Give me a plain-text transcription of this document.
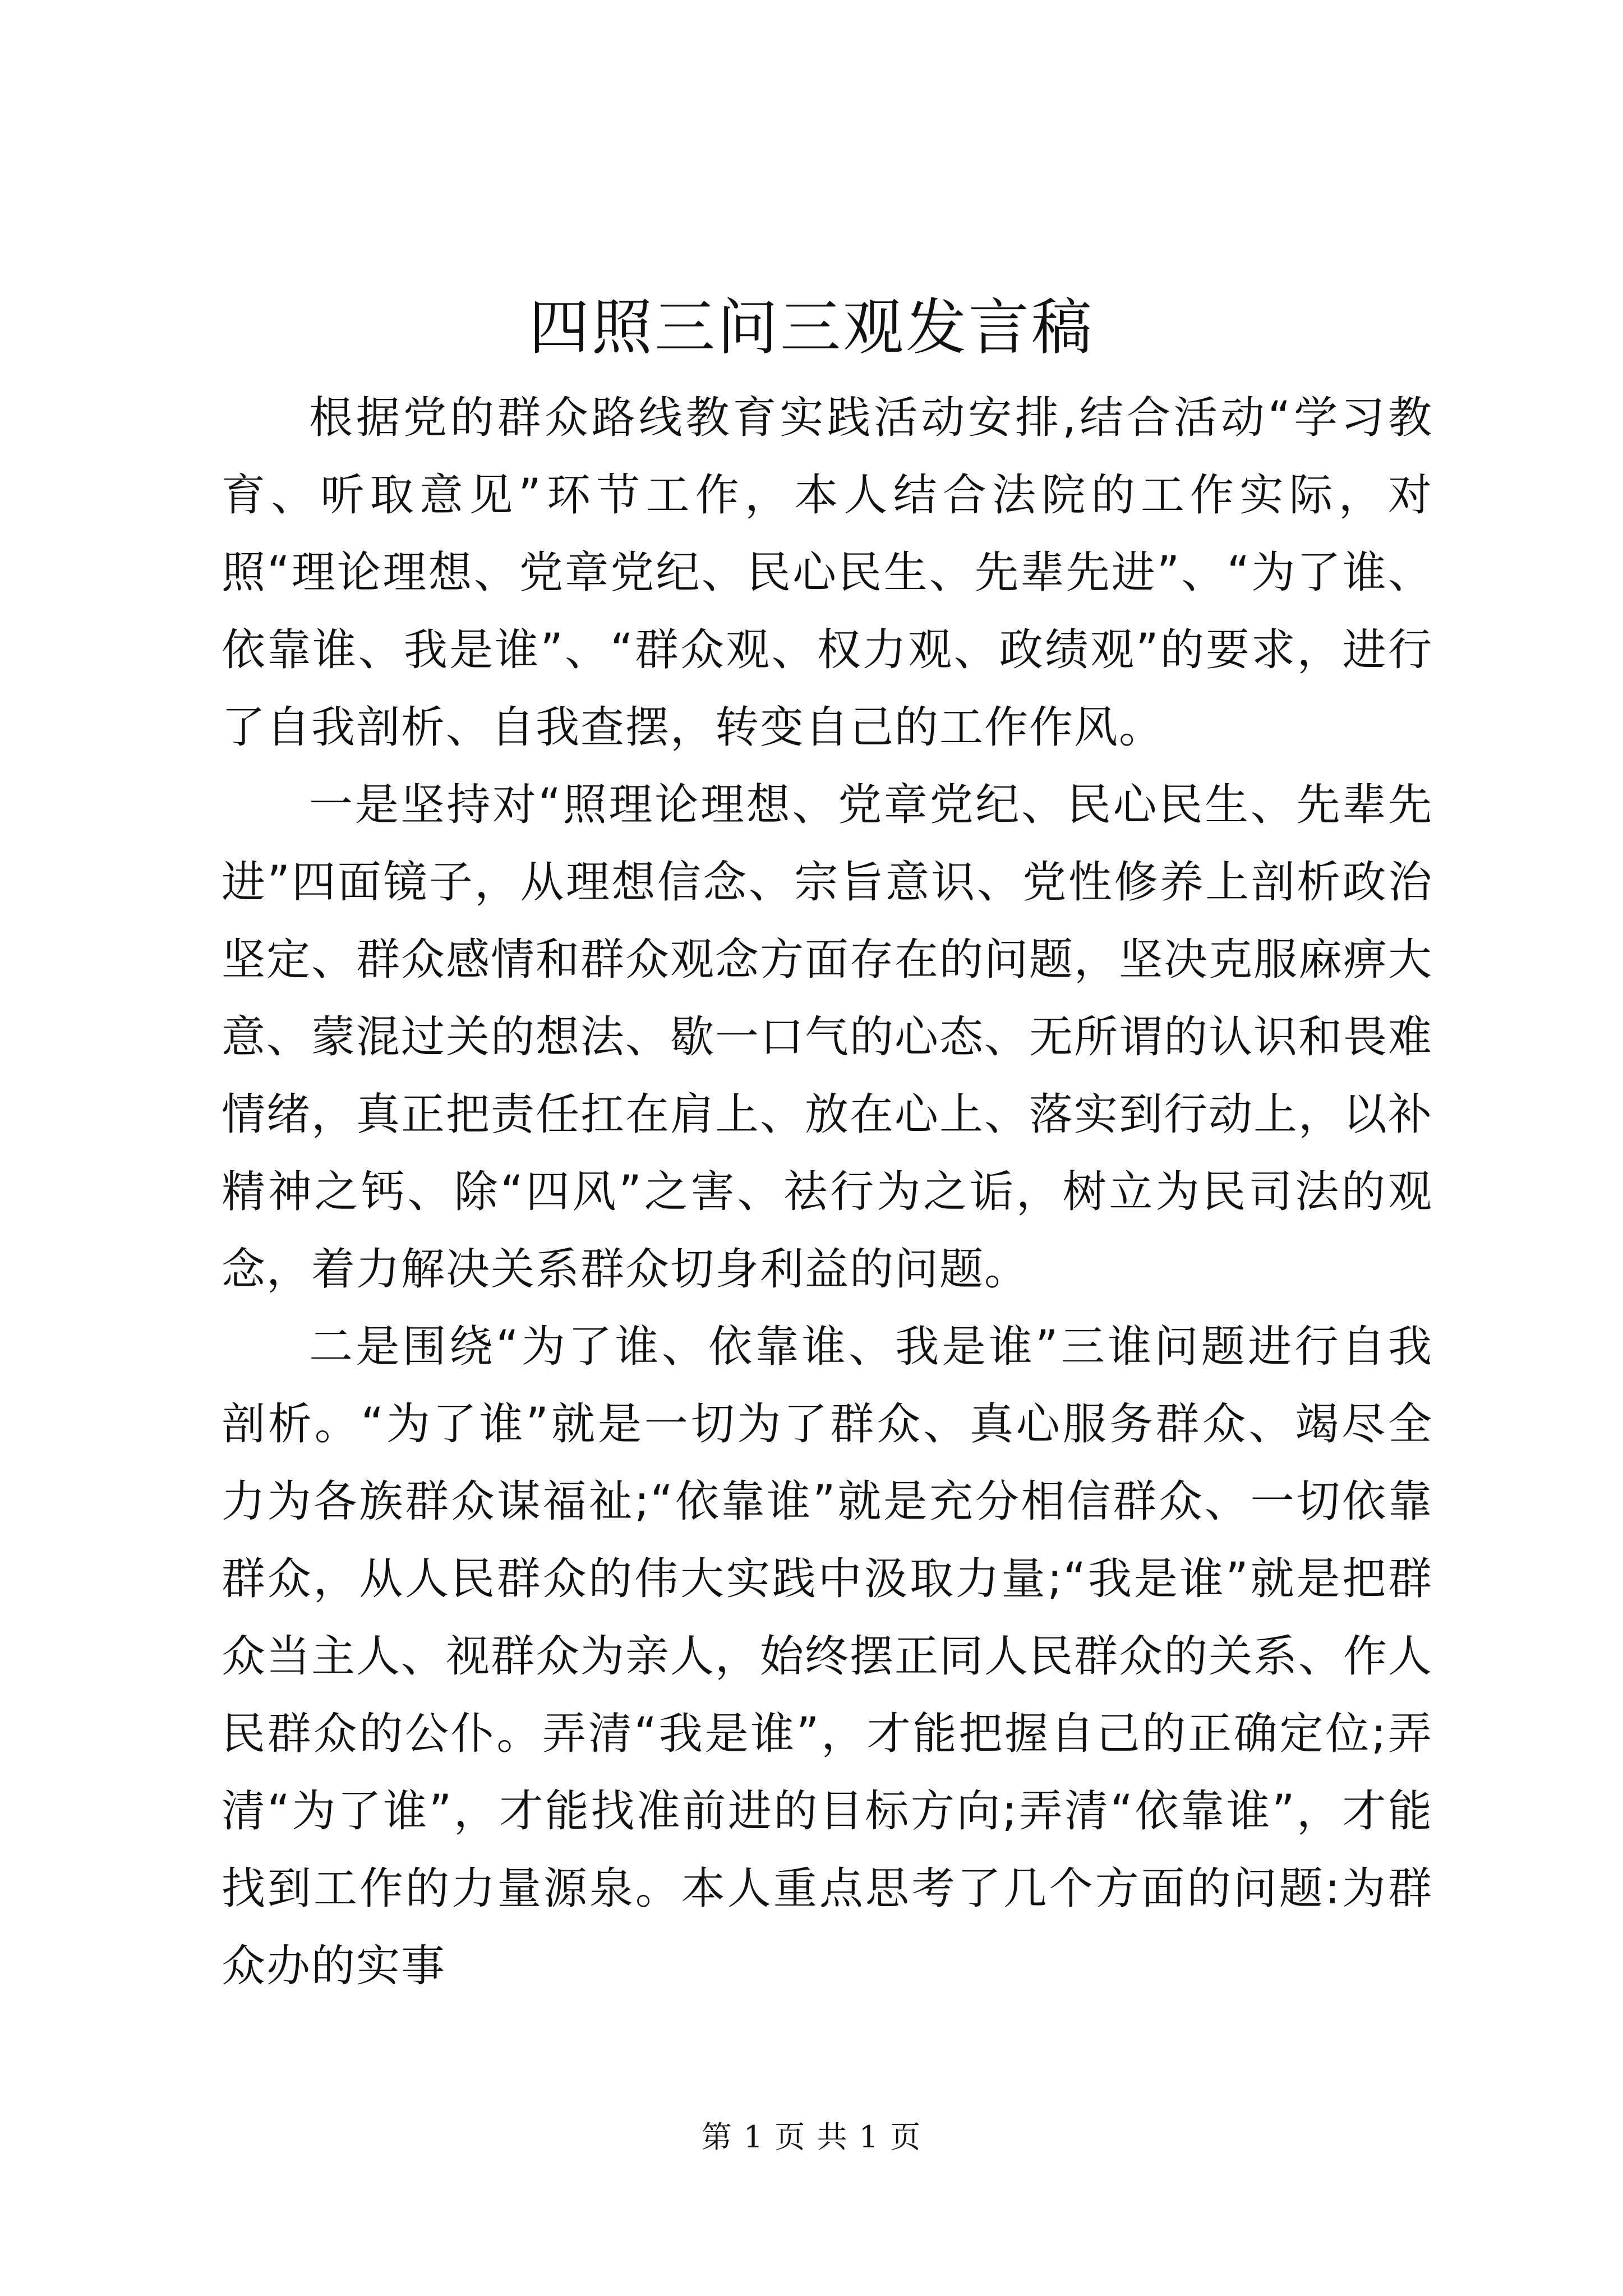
四照三问三观发言稿

根据党的群众路线教育实践活动安排,结合活动“学习教育、听取意见”环节工作，本人结合法院的工作实际，对照“理论理想、党章党纪、民心民生、先辈先进”、“为了谁、依靠谁、我是谁”、“群众观、权力观、政绩观”的要求，进行了自我剖析、自我查摆，转变自己的工作作风。

一是坚持对“照理论理想、党章党纪、民心民生、先辈先进”四面镜子，从理想信念、宗旨意识、党性修养上剖析政治坚定、群众感情和群众观念方面存在的问题，坚决克服麻痹大意、蒙混过关的想法、歇一口气的心态、无所谓的认识和畏难情绪，真正把责任扛在肩上、放在心上、落实到行动上，以补精神之钙、除“四风”之害、祛行为之诟，树立为民司法的观念，着力解决关系群众切身利益的问题。

二是围绕“为了谁、依靠谁、我是谁”三谁问题进行自我剖析。“为了谁”就是一切为了群众、真心服务群众、竭尽全力为各族群众谋福祉;“依靠谁”就是充分相信群众、一切依靠群众，从人民群众的伟大实践中汲取力量;“我是谁”就是把群众当主人、视群众为亲人，始终摆正同人民群众的关系、作人民群众的公仆。弄清“我是谁”，才能把握自己的正确定位;弄清“为了谁”，才能找准前进的目标方向;弄清“依靠谁”，才能找到工作的力量源泉。本人重点思考了几个方面的问题:为群众办的实事

第 1 页 共 1 页
